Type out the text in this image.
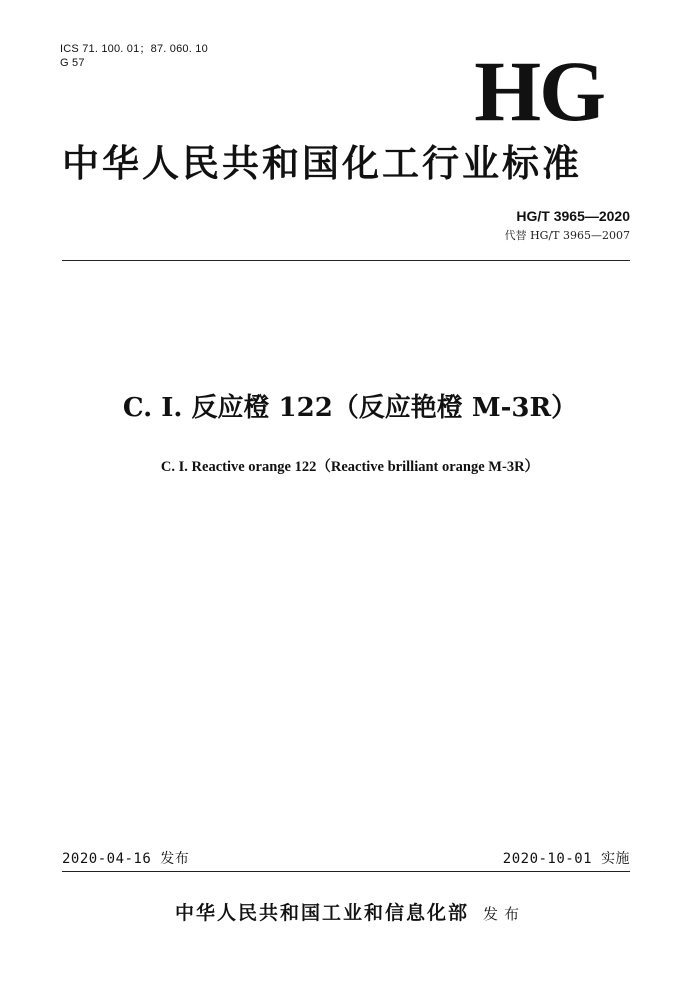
ICS 71. 100. 01；87. 060. 10
G 57	HG
中华人民共和国化工行业标准
HG/T 3965—2020
代替 HG/T 3965—2007
C. I. 反应橙 122（反应艳橙 M-3R）
C. I. Reactive orange 122（Reactive brilliant orange M-3R）
2020-04-16 发布	2020-10-01 实施
中华人民共和国工业和信息化部 发布
